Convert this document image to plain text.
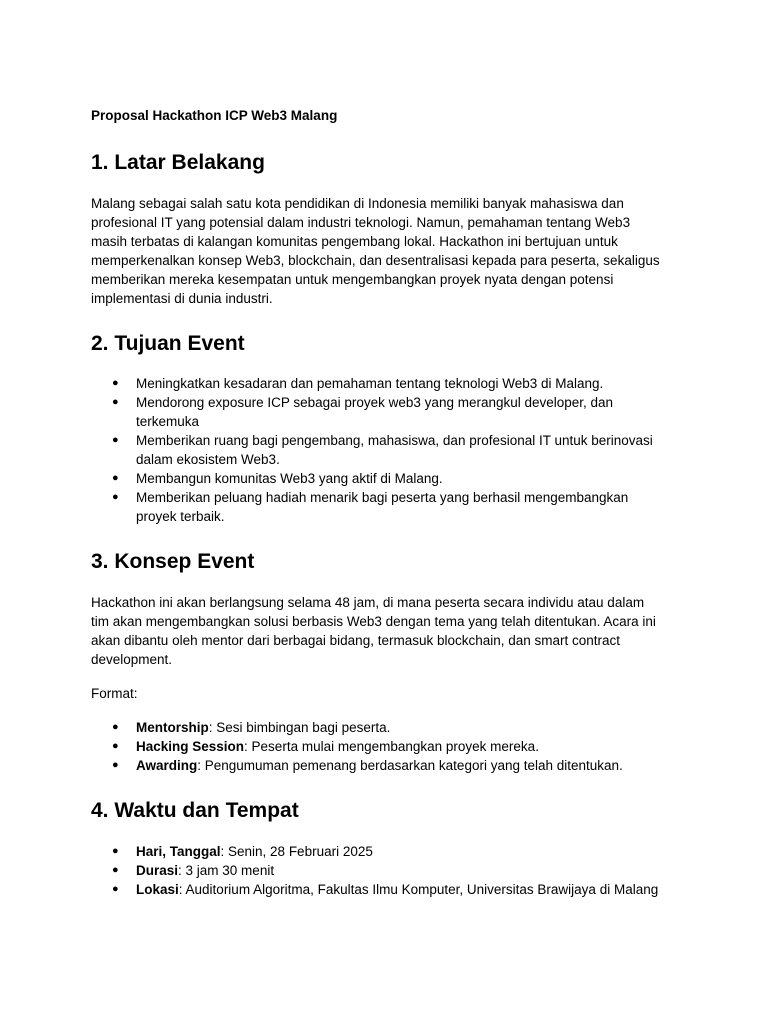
Proposal Hackathon ICP Web3 Malang
1. Latar Belakang
Malang sebagai salah satu kota pendidikan di Indonesia memiliki banyak mahasiswa dan
profesional IT yang potensial dalam industri teknologi. Namun, pemahaman tentang Web3
masih terbatas di kalangan komunitas pengembang lokal. Hackathon ini bertujuan untuk
memperkenalkan konsep Web3, blockchain, dan desentralisasi kepada para peserta, sekaligus
memberikan mereka kesempatan untuk mengembangkan proyek nyata dengan potensi
implementasi di dunia industri.
2. Tujuan Event
● Meningkatkan kesadaran dan pemahaman tentang teknologi Web3 di Malang.
● Mendorong exposure ICP sebagai proyek web3 yang merangkul developer, dan
terkemuka
● Memberikan ruang bagi pengembang, mahasiswa, dan profesional IT untuk berinovasi
dalam ekosistem Web3.
● Membangun komunitas Web3 yang aktif di Malang.
● Memberikan peluang hadiah menarik bagi peserta yang berhasil mengembangkan
proyek terbaik.
3. Konsep Event
Hackathon ini akan berlangsung selama 48 jam, di mana peserta secara individu atau dalam
tim akan mengembangkan solusi berbasis Web3 dengan tema yang telah ditentukan. Acara ini
akan dibantu oleh mentor dari berbagai bidang, termasuk blockchain, dan smart contract
development.
Format:
● Mentorship: Sesi bimbingan bagi peserta.
● Hacking Session: Peserta mulai mengembangkan proyek mereka.
● Awarding: Pengumuman pemenang berdasarkan kategori yang telah ditentukan.
4. Waktu dan Tempat
● Hari, Tanggal: Senin, 28 Februari 2025
● Durasi: 3 jam 30 menit
● Lokasi: Auditorium Algoritma, Fakultas Ilmu Komputer, Universitas Brawijaya di Malang
